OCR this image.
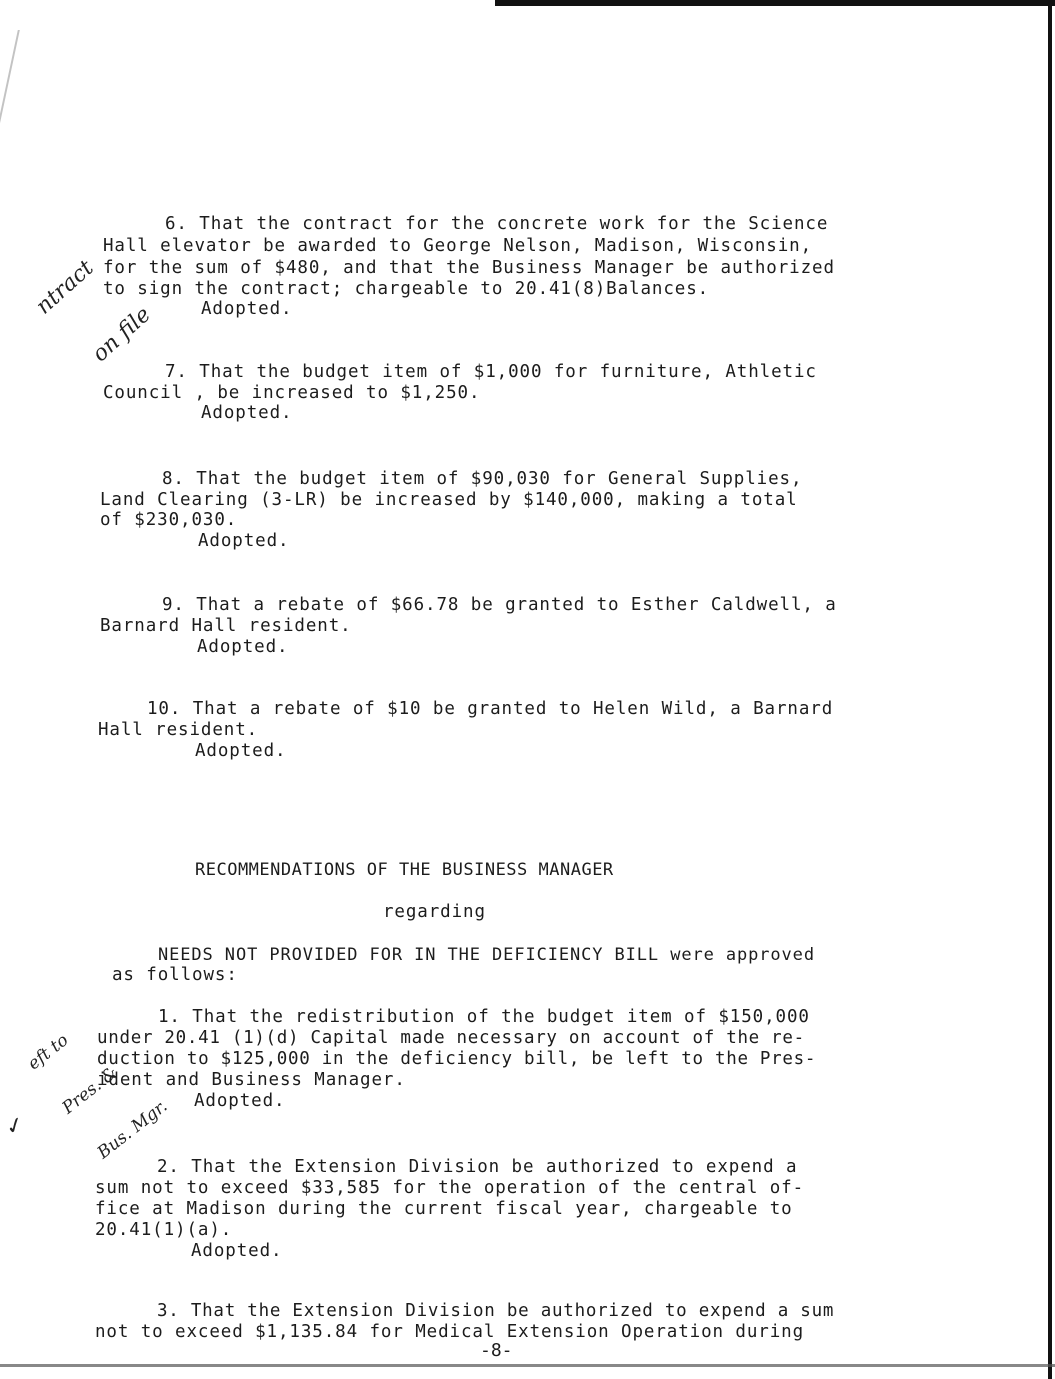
ntract

on file

eft to

Pres. &

Bus. Mgr.

✓
6. That the contract for the concrete work for the Science
Hall elevator be awarded to George Nelson, Madison, Wisconsin,
for the sum of $480, and that the Business Manager be authorized
to sign the contract; chargeable to 20.41(8)Balances.
Adopted.
7. That the budget item of $1,000 for furniture, Athletic
Council , be increased to $1,250.
Adopted.
8. That the budget item of $90,030 for General Supplies,
Land Clearing (3-LR) be increased by $140,000, making a total
of $230,030.
Adopted.
9. That a rebate of $66.78 be granted to Esther Caldwell, a
Barnard Hall resident.
Adopted.
10. That a rebate of $10 be granted to Helen Wild, a Barnard
Hall resident.
Adopted.
RECOMMENDATIONS OF THE BUSINESS MANAGER
regarding
NEEDS NOT PROVIDED FOR IN THE DEFICIENCY BILL were approved
as follows:
1. That the redistribution of the budget item of $150,000
under 20.41 (1)(d) Capital made necessary on account of the re-
duction to $125,000 in the deficiency bill, be left to the Pres-
ident and Business Manager.
Adopted.
2. That the Extension Division be authorized to expend a
sum not to exceed $33,585 for the operation of the central of-
fice at Madison during the current fiscal year, chargeable to
20.41(1)(a).
Adopted.
3. That the Extension Division be authorized to expend a sum
not to exceed $1,135.84 for Medical Extension Operation during
-8-
